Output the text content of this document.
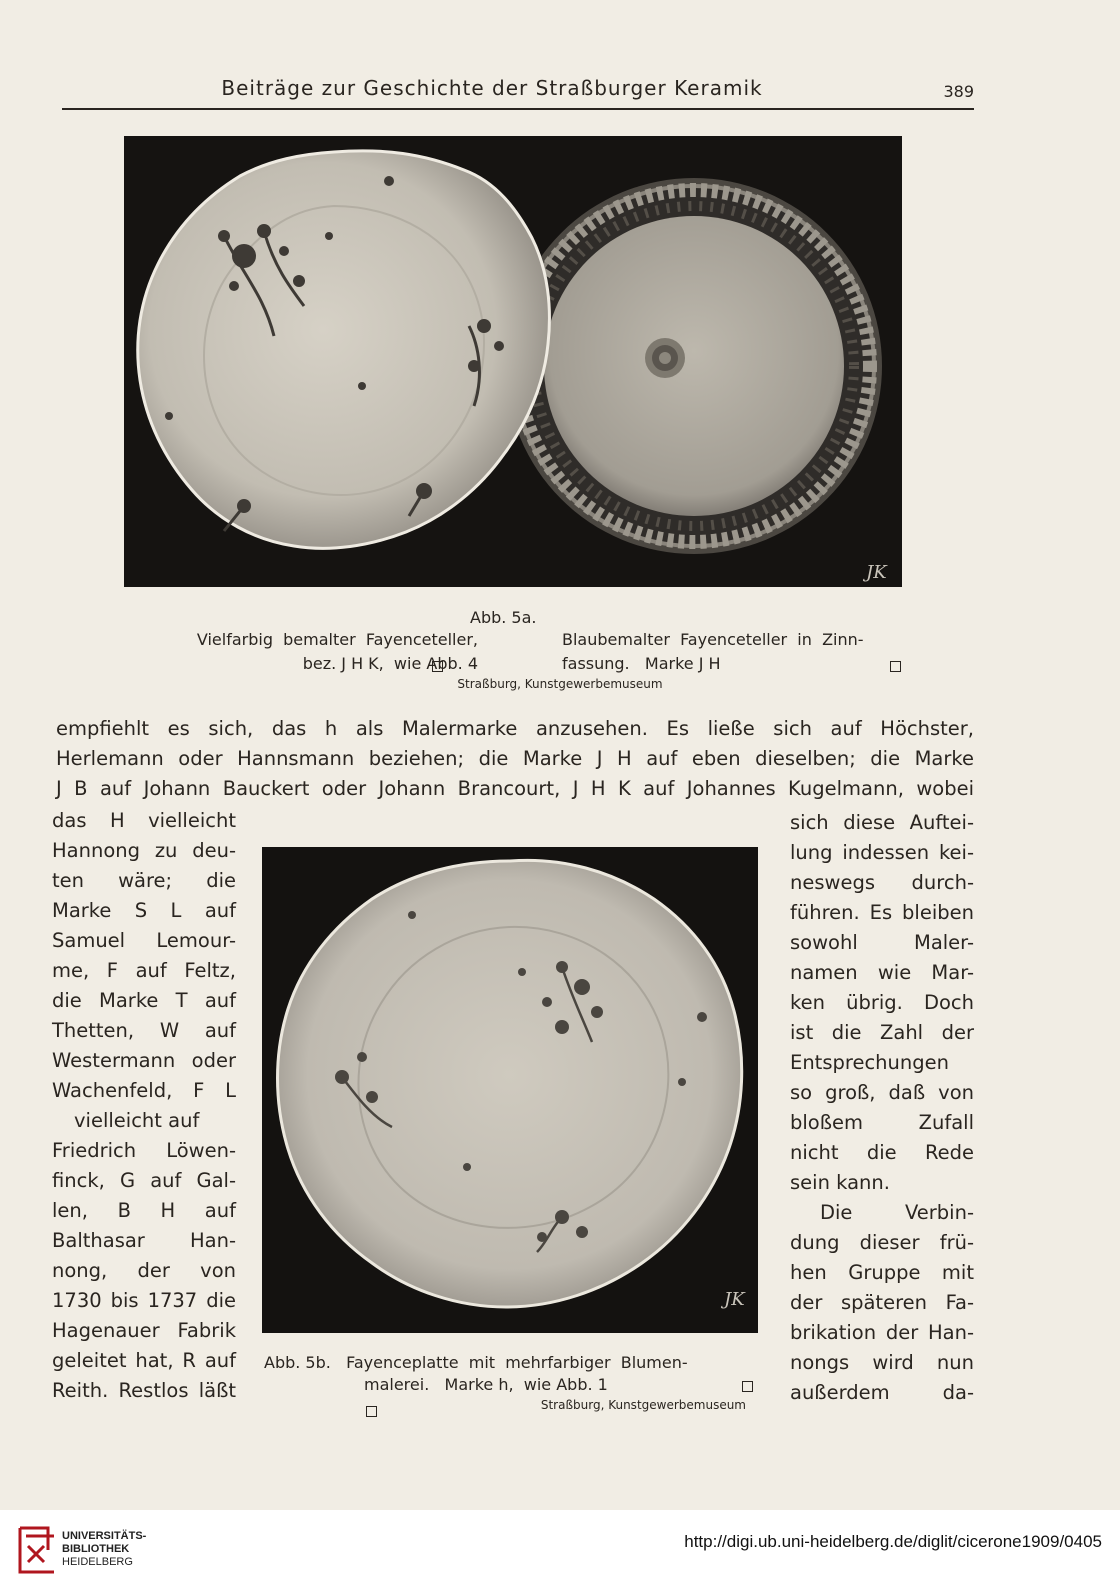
Beiträge zur Geschichte der Straßburger Keramik	389
JK
Abb. 5a.
Vielfarbig  bemalter  Fayenceteller,
bez. J H K,  wie Abb. 4
Blaubemalter  Fayenceteller  in  Zinn-
fassung.   Marke J H
Straßburg, Kunstgewerbemuseum
empfiehlt es sich, das h als Malermarke anzusehen. Es ließe sich auf Höchster,
Herlemann oder Hannsmann beziehen; die Marke J H auf eben dieselben; die Marke
J B auf Johann Bauckert oder Johann Brancourt, J H K auf Johannes Kugelmann, wobei
das H vielleicht
Hannong zu deu-
ten wäre; die
Marke S L auf
Samuel Lemour-
me, F auf Feltz,
die Marke T auf
Thetten, W auf
Westermann oder
Wachenfeld, F L
vielleicht auf
Friedrich Löwen-
finck, G auf Gal-
len, B H auf
Balthasar Han-
nong, der von
1730 bis 1737 die
Hagenauer Fabrik
geleitet hat, R auf
Reith. Restlos läßt
JK
sich diese Auftei-
lung indessen kei-
neswegs durch-
führen. Es bleiben
sowohl Maler-
namen wie Mar-
ken übrig. Doch
ist die Zahl der
Entsprechungen
so groß, daß von
bloßem Zufall
nicht die Rede
sein kann.
Die Verbin-
dung dieser frü-
hen Gruppe mit
der späteren Fa-
brikation der Han-
nongs wird nun
außerdem da-
Abb. 5b. Fayenceplatte  mit  mehrfarbiger  Blumen-
malerei.   Marke h,  wie Abb. 1
Straßburg, Kunstgewerbemuseum
UNIVERSITÄTS-
BIBLIOTHEK
HEIDELBERG
http://digi.ub.uni-heidelberg.de/diglit/cicerone1909/0405
